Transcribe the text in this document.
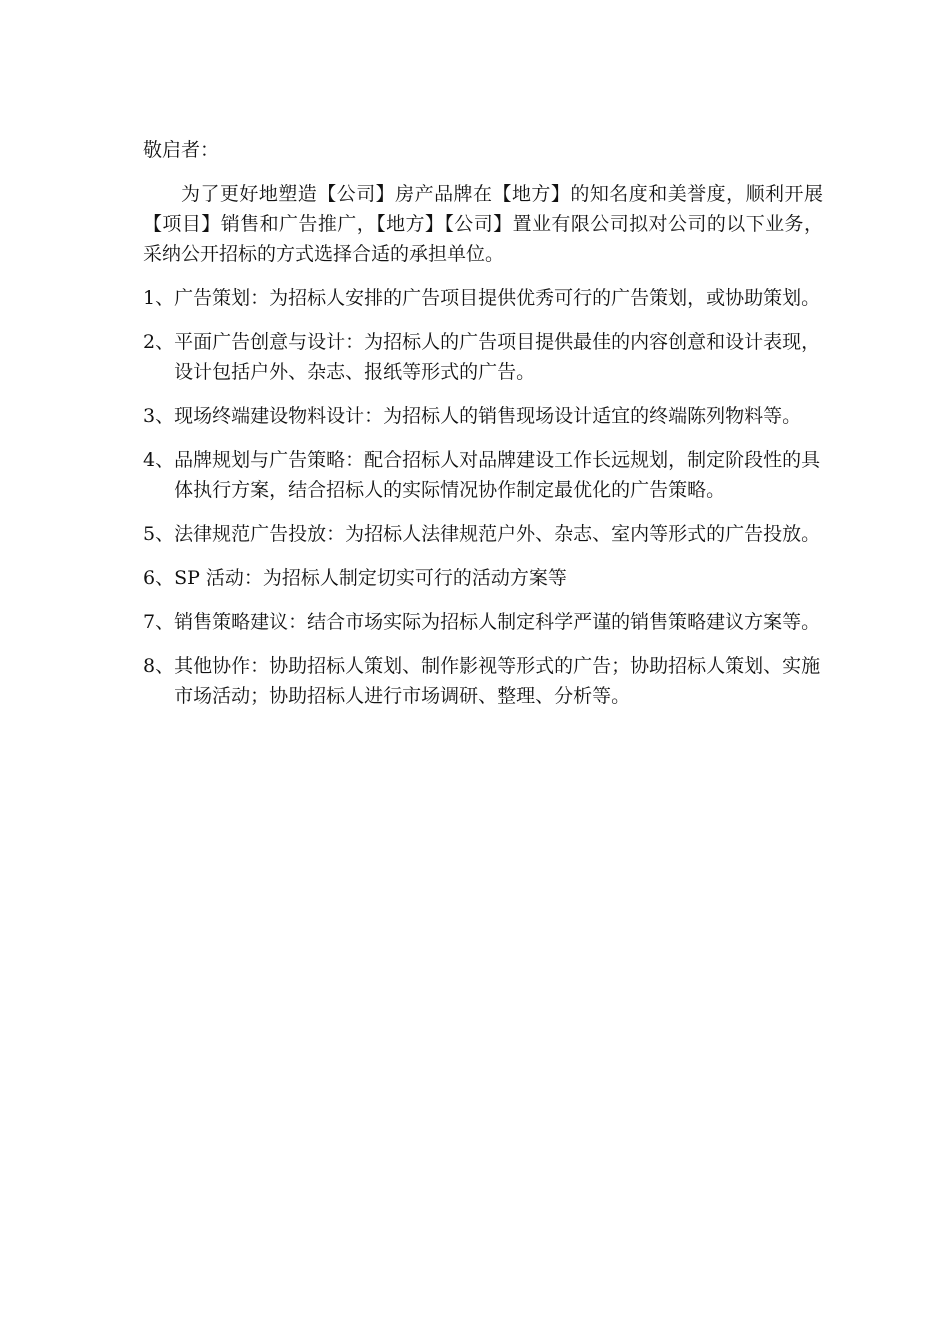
敬启者：

为了更好地塑造【公司】房产品牌在【地方】的知名度和美誉度，顺利开展【项目】销售和广告推广，【地方】【公司】置业有限公司拟对公司的以下业务，采纳公开招标的方式选择合适的承担单位。

1、 广告策划：为招标人安排的广告项目提供优秀可行的广告策划，或协助策划。
2、 平面广告创意与设计：为招标人的广告项目提供最佳的内容创意和设计表现，设计包括户外、杂志、报纸等形式的广告。
3、 现场终端建设物料设计：为招标人的销售现场设计适宜的终端陈列物料等。
4、 品牌规划与广告策略：配合招标人对品牌建设工作长远规划，制定阶段性的具体执行方案，结合招标人的实际情况协作制定最优化的广告策略。
5、 法律规范广告投放：为招标人法律规范户外、杂志、室内等形式的广告投放。
6、 SP 活动：为招标人制定切实可行的活动方案等
7、 销售策略建议：结合市场实际为招标人制定科学严谨的销售策略建议方案等。
8、 其他协作：协助招标人策划、制作影视等形式的广告；协助招标人策划、实施市场活动；协助招标人进行市场调研、整理、分析等。
